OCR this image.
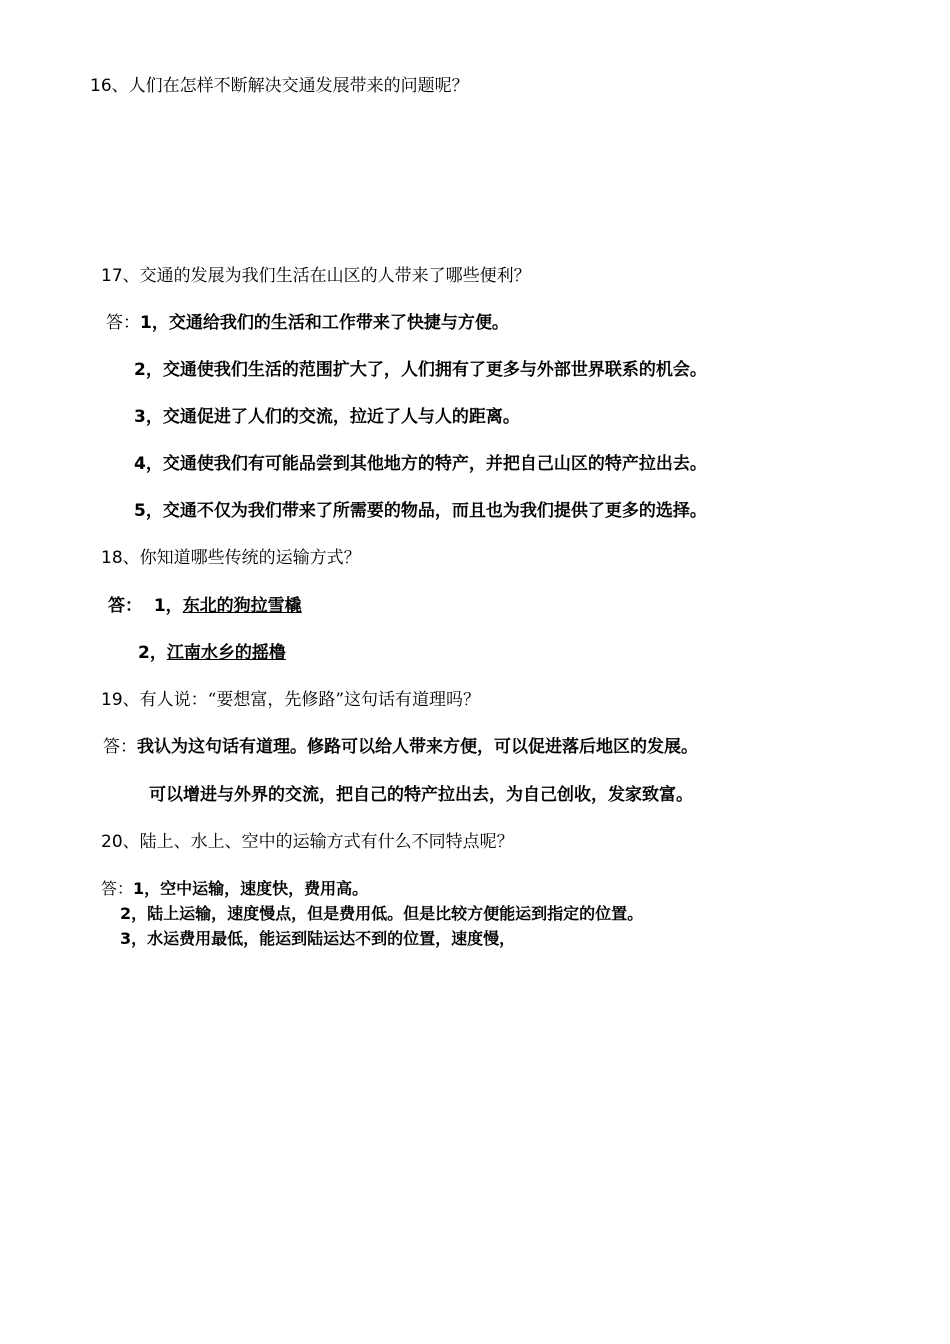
16、人们在怎样不断解决交通发展带来的问题呢？
17、交通的发展为我们生活在山区的人带来了哪些便利？
答：1，交通给我们的生活和工作带来了快捷与方便。
2，交通使我们生活的范围扩大了，人们拥有了更多与外部世界联系的机会。
3，交通促进了人们的交流，拉近了人与人的距离。
4，交通使我们有可能品尝到其他地方的特产，并把自己山区的特产拉出去。
5，交通不仅为我们带来了所需要的物品，而且也为我们提供了更多的选择。
18、你知道哪些传统的运输方式？
答： 1，东北的狗拉雪橇
2，江南水乡的摇橹
19、有人说：“要想富，先修路”这句话有道理吗？
答：我认为这句话有道理。修路可以给人带来方便，可以促进落后地区的发展。
可以增进与外界的交流，把自己的特产拉出去，为自己创收，发家致富。
20、陆上、水上、空中的运输方式有什么不同特点呢？
答：1，空中运输，速度快，费用高。
2，陆上运输，速度慢点，但是费用低。但是比较方便能运到指定的位置。
3，水运费用最低，能运到陆运达不到的位置，速度慢，
